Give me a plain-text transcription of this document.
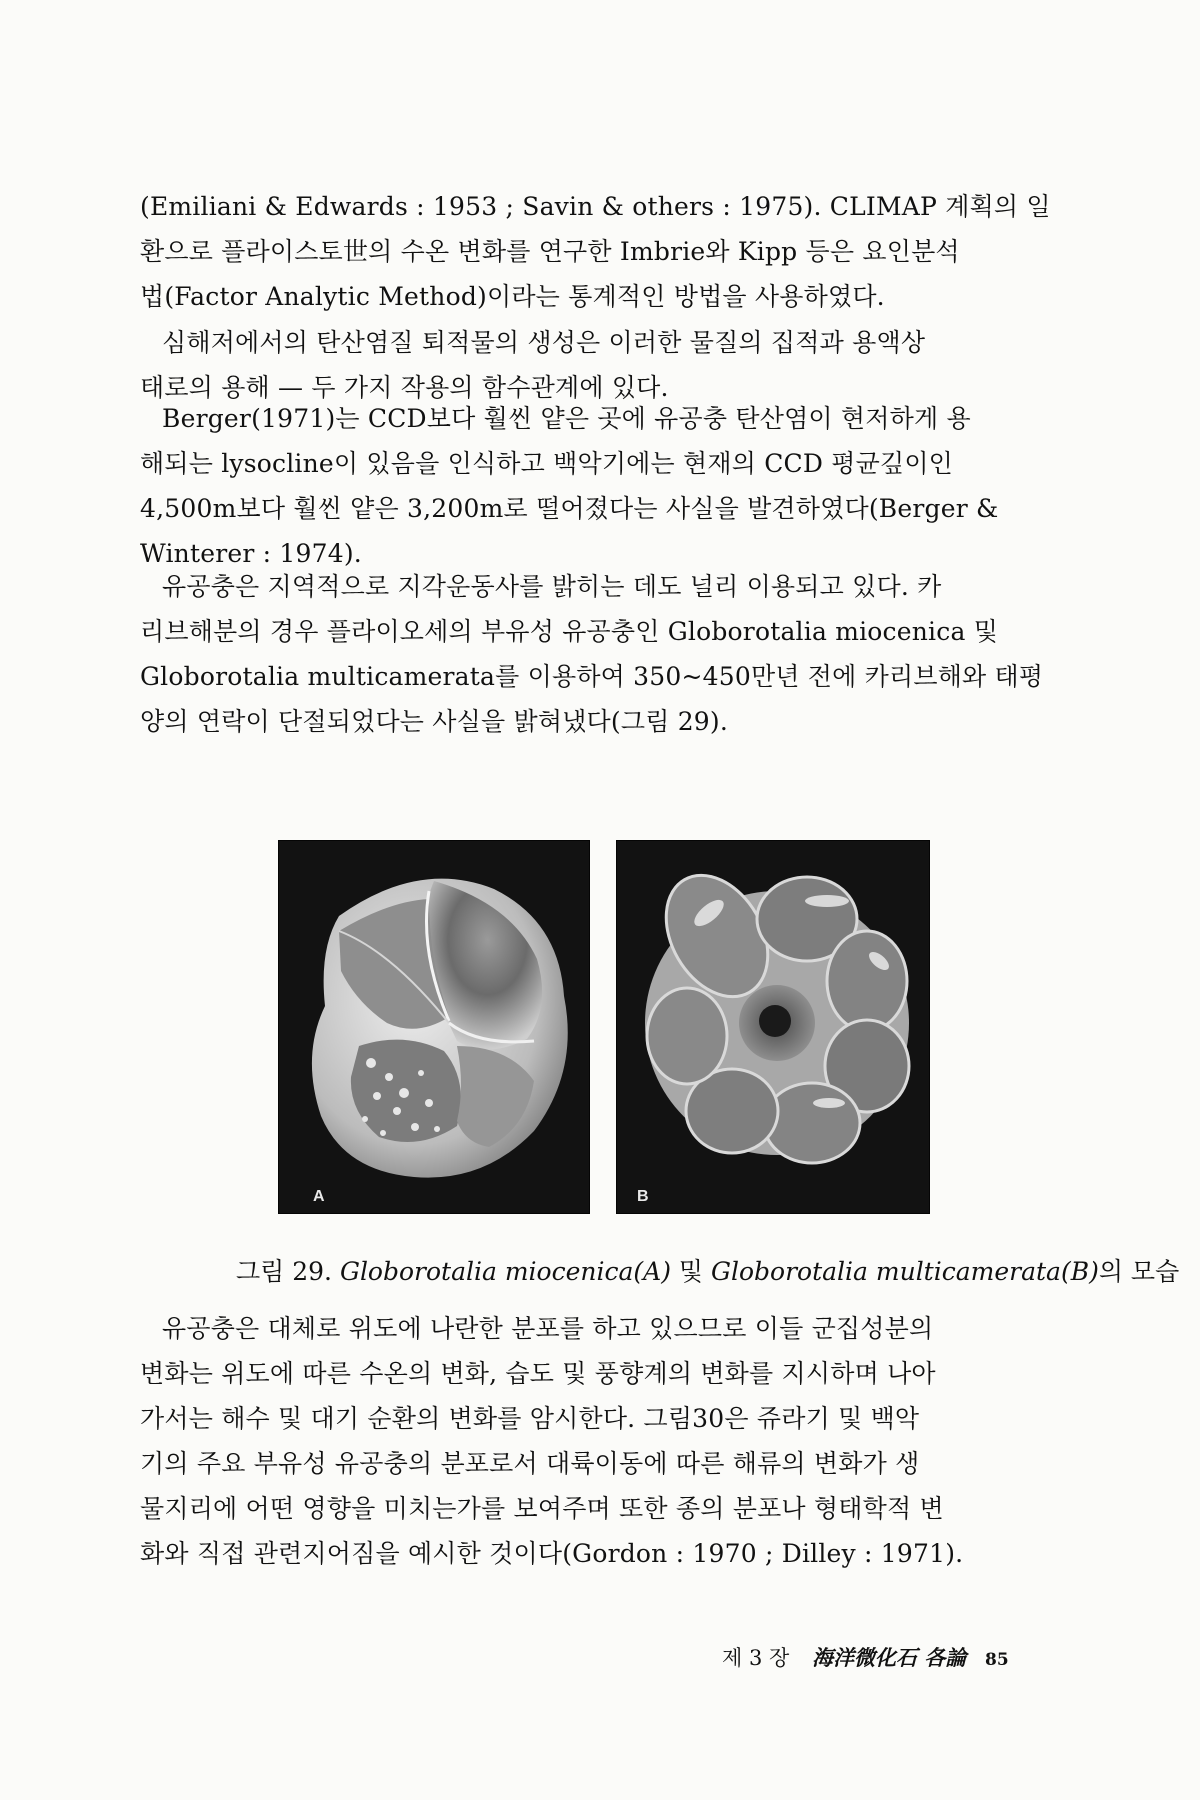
(Emiliani & Edwards : 1953 ; Savin & others : 1975). CLIMAP 계획의 일
환으로 플라이스토世의 수온 변화를 연구한 Imbrie와 Kipp 등은 요인분석
법(Factor Analytic Method)이라는 통계적인 방법을 사용하였다.
심해저에서의 탄산염질 퇴적물의 생성은 이러한 물질의 집적과 용액상
태로의 용해 — 두 가지 작용의 함수관계에 있다.
Berger(1971)는 CCD보다 훨씬 얕은 곳에 유공충 탄산염이 현저하게 용
해되는 lysocline이 있음을 인식하고 백악기에는 현재의 CCD 평균깊이인
4,500m보다 훨씬 얕은 3,200m로 떨어졌다는 사실을 발견하였다(Berger &
Winterer : 1974).
유공충은 지역적으로 지각운동사를 밝히는 데도 널리 이용되고 있다. 카
리브해분의 경우 플라이오세의 부유성 유공충인 Globorotalia miocenica 및
Globorotalia multicamerata를 이용하여 350~450만년 전에 카리브해와 태평
양의 연락이 단절되었다는 사실을 밝혀냈다(그림 29).
A	B
그림 29. Globorotalia miocenica(A) 및 Globorotalia multicamerata(B)의 모습
유공충은 대체로 위도에 나란한 분포를 하고 있으므로 이들 군집성분의
변화는 위도에 따른 수온의 변화, 습도 및 풍향계의 변화를 지시하며 나아
가서는 해수 및 대기 순환의 변화를 암시한다. 그림30은 쥬라기 및 백악
기의 주요 부유성 유공충의 분포로서 대륙이동에 따른 해류의 변화가 생
물지리에 어떤 영향을 미치는가를 보여주며 또한 종의 분포나 형태학적 변
화와 직접 관련지어짐을 예시한 것이다(Gordon : 1970 ; Dilley : 1971).
제 3 장 海洋微化石 各論 85
